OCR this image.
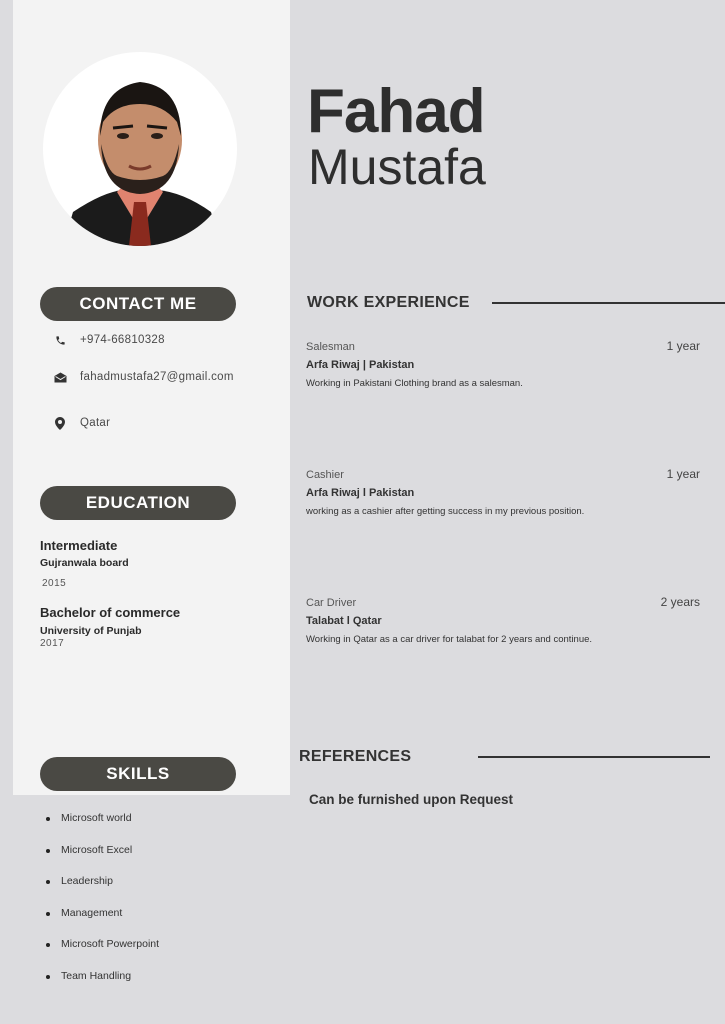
Fahad
Mustafa
CONTACT ME
+974-66810328
fahadmustafa27@gmail.com
Qatar
EDUCATION
Intermediate
Gujranwala board
2015
Bachelor of commerce
University of Punjab
2017
SKILLS
Microsoft world
Microsoft Excel
Leadership
Management
Microsoft Powerpoint
Team Handling
WORK EXPERIENCE
Salesman	1 year
Arfa Riwaj | Pakistan
Working in Pakistani Clothing brand as a salesman.
Cashier	1 year
Arfa Riwaj l Pakistan
working as a cashier after getting success in my previous position.
Car Driver	2 years
Talabat l Qatar
Working in Qatar as a car driver for talabat for 2 years and continue.
REFERENCES
Can be furnished upon Request
